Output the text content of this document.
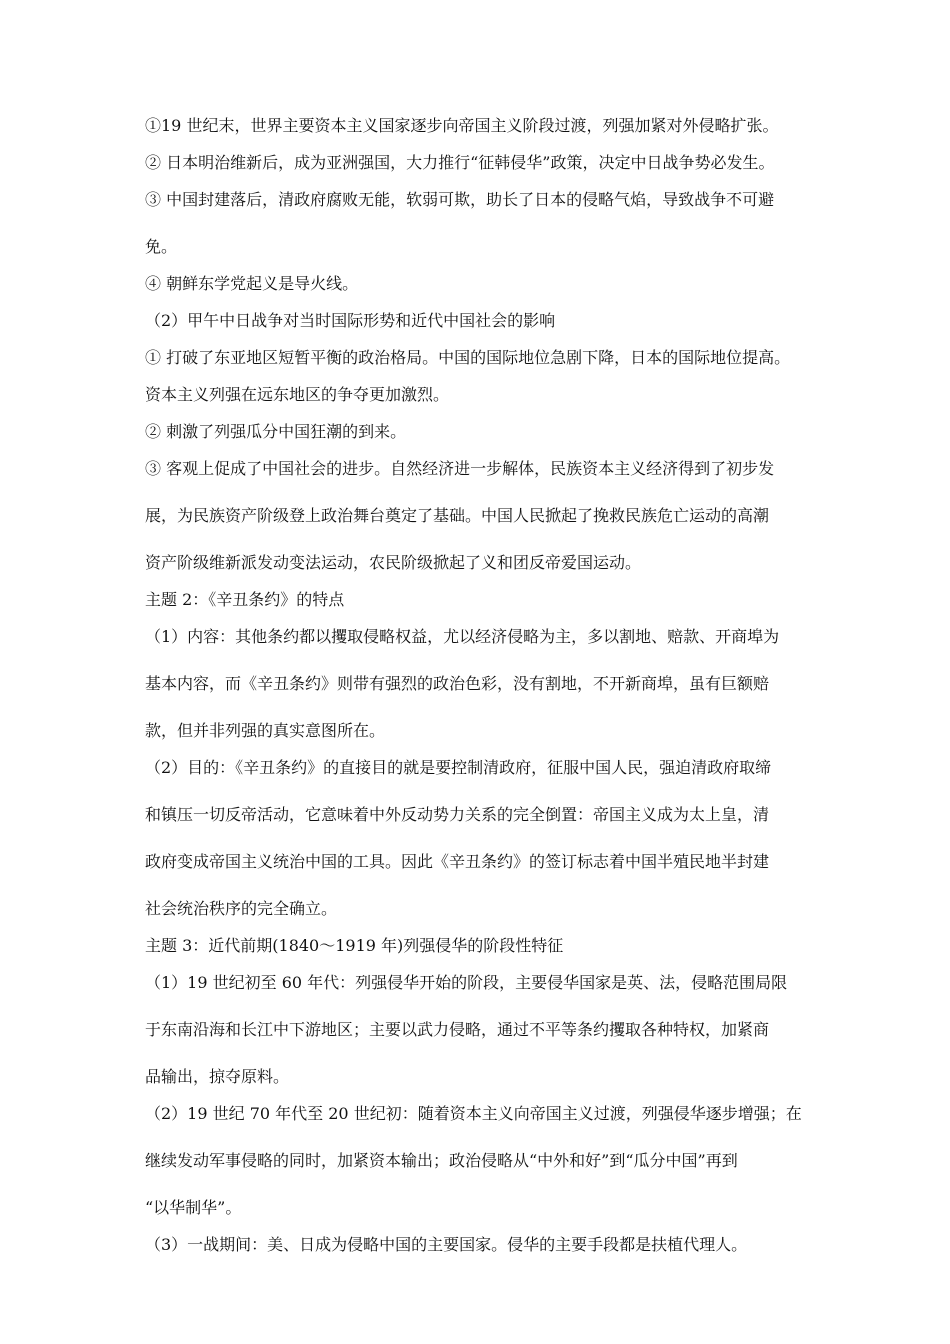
①19 世纪末，世界主要资本主义国家逐步向帝国主义阶段过渡，列强加紧对外侵略扩张。

② 日本明治维新后，成为亚洲强国，大力推行“征韩侵华”政策，决定中日战争势必发生。

③ 中国封建落后，清政府腐败无能，软弱可欺，助长了日本的侵略气焰，导致战争不可避

免。

④ 朝鲜东学党起义是导火线。

（2）甲午中日战争对当时国际形势和近代中国社会的影响

① 打破了东亚地区短暂平衡的政治格局。中国的国际地位急剧下降，日本的国际地位提高。

资本主义列强在远东地区的争夺更加激烈。

② 刺激了列强瓜分中国狂潮的到来。

③ 客观上促成了中国社会的进步。自然经济进一步解体，民族资本主义经济得到了初步发

展，为民族资产阶级登上政治舞台奠定了基础。中国人民掀起了挽救民族危亡运动的高潮

资产阶级维新派发动变法运动，农民阶级掀起了义和团反帝爱国运动。

主题 2：《辛丑条约》的特点

（1）内容：其他条约都以攫取侵略权益，尤以经济侵略为主，多以割地、赔款、开商埠为

基本内容，而《辛丑条约》则带有强烈的政治色彩，没有割地，不开新商埠，虽有巨额赔

款，但并非列强的真实意图所在。

（2）目的：《辛丑条约》的直接目的就是要控制清政府，征服中国人民，强迫清政府取缔

和镇压一切反帝活动，它意味着中外反动势力关系的完全倒置：帝国主义成为太上皇，清

政府变成帝国主义统治中国的工具。因此《辛丑条约》的签订标志着中国半殖民地半封建

社会统治秩序的完全确立。

主题 3：近代前期(1840～1919 年)列强侵华的阶段性特征

（1）19 世纪初至 60 年代：列强侵华开始的阶段，主要侵华国家是英、法，侵略范围局限

于东南沿海和长江中下游地区；主要以武力侵略，通过不平等条约攫取各种特权，加紧商

品输出，掠夺原料。

（2）19 世纪 70 年代至 20 世纪初：随着资本主义向帝国主义过渡，列强侵华逐步增强；在

继续发动军事侵略的同时，加紧资本输出；政治侵略从“中外和好”到“瓜分中国”再到

“以华制华”。

（3）一战期间：美、日成为侵略中国的主要国家。侵华的主要手段都是扶植代理人。
